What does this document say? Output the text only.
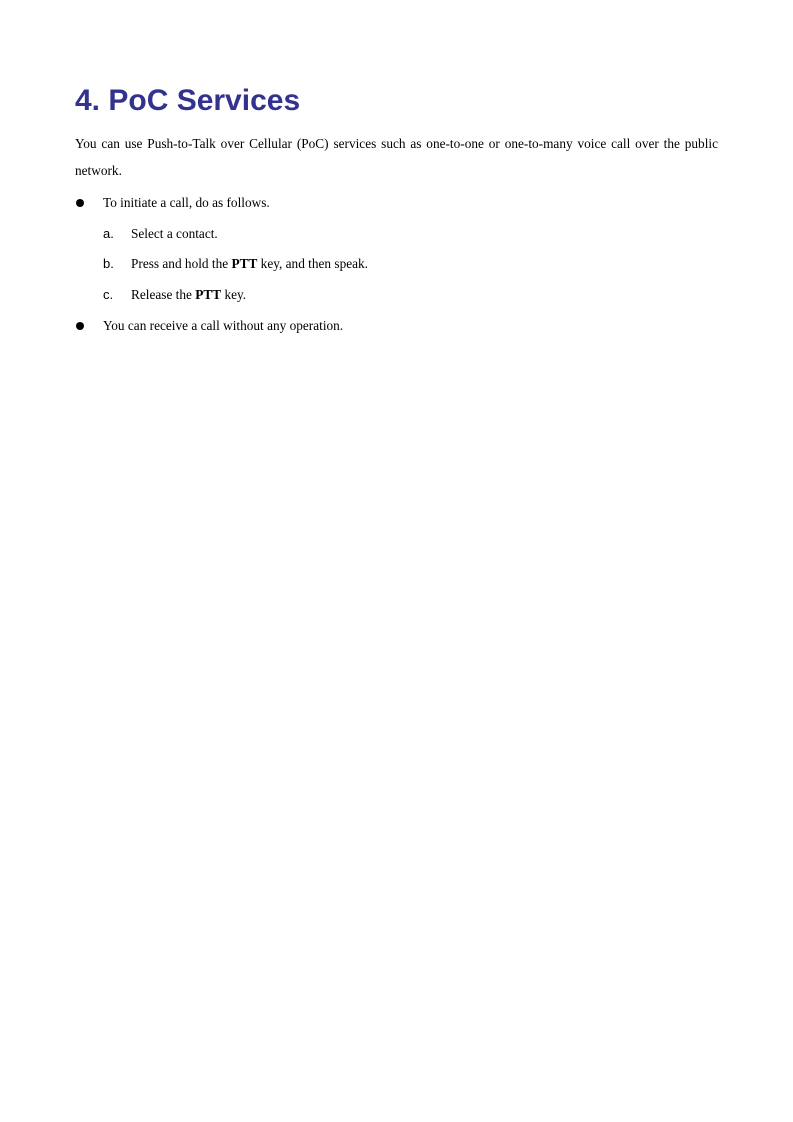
4. PoC Services

You can use Push-to-Talk over Cellular (PoC) services such as one-to-one or one-to-many voice call over the public network.

To initiate a call, do as follows.
a. Select a contact.
b. Press and hold the PTT key, and then speak.
c. Release the PTT key.
You can receive a call without any operation.
